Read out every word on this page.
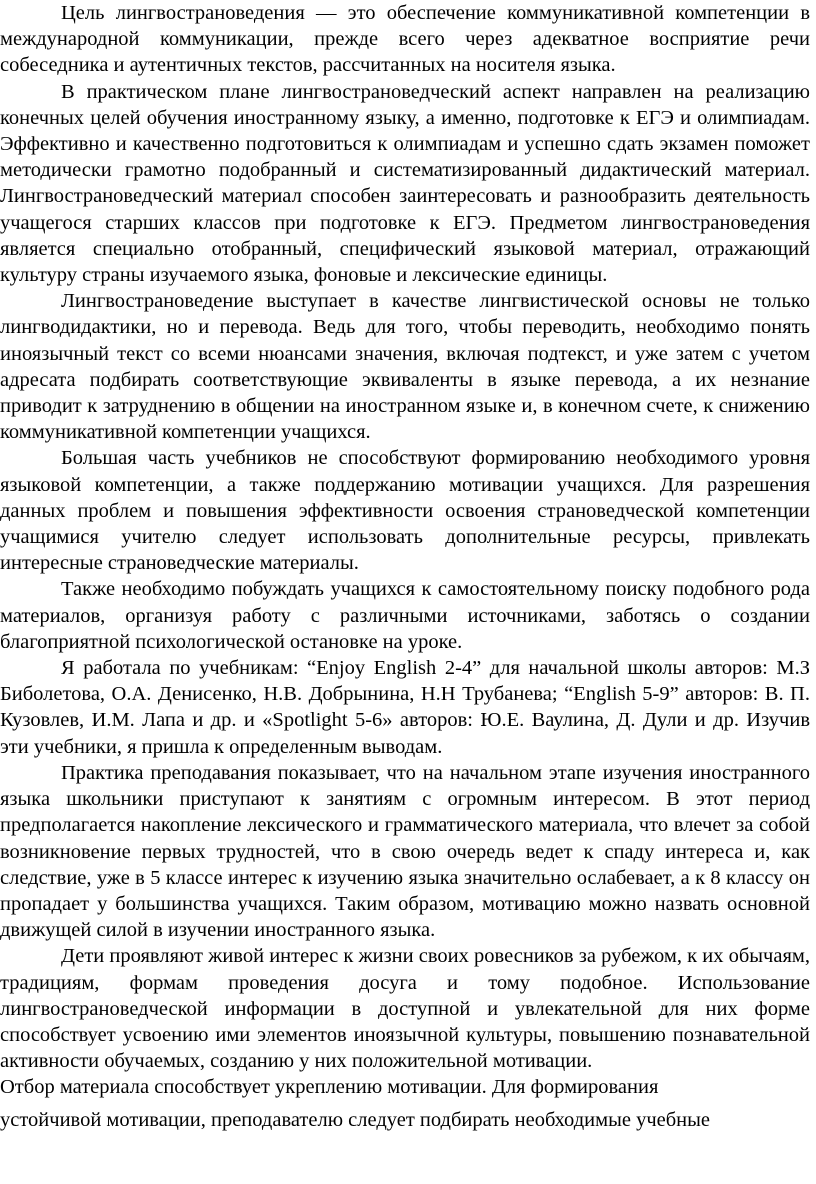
Цель лингвострановедения — это обеспечение коммуникативной компетенции в международной коммуникации, прежде всего через адекватное восприятие речи собеседника и аутентичных текстов, рассчитанных на носителя языка.

В практическом плане лингвострановедческий аспект направлен на реализацию конечных целей обучения иностранному языку, а именно, подготовке к ЕГЭ и олимпиадам. Эффективно и качественно подготовиться к олимпиадам и успешно сдать экзамен поможет методически грамотно подобранный и систематизированный дидактический материал. Лингвострановедческий материал способен заинтересовать и разнообразить деятельность учащегося старших классов при подготовке к ЕГЭ. Предметом лингвострановедения является специально отобранный, специфический языковой материал, отражающий культуру страны изучаемого языка, фоновые и лексические единицы.

Лингвострановедение выступает в качестве лингвистической основы не только лингводидактики, но и перевода. Ведь для того, чтобы переводить, необходимо понять иноязычный текст со всеми нюансами значения, включая подтекст, и уже затем с учетом адресата подбирать соответствующие эквиваленты в языке перевода, а их незнание приводит к затруднению в общении на иностранном языке и, в конечном счете, к снижению коммуникативной компетенции учащихся.

Большая часть учебников не способствуют формированию необходимого уровня языковой компетенции, а также поддержанию мотивации учащихся. Для разрешения данных проблем и повышения эффективности освоения страноведческой компетенции учащимися учителю следует использовать дополнительные ресурсы, привлекать интересные страноведческие материалы.

Также необходимо побуждать учащихся к самостоятельному поиску подобного рода материалов, организуя работу с различными источниками, заботясь о создании благоприятной психологической остановке на уроке.

Я работала по учебникам: “Enjoy English 2-4” для начальной школы авторов: М.З Биболетова, О.А. Денисенко, Н.В. Добрынина, Н.Н Трубанева; “English 5-9” авторов: В. П. Кузовлев, И.М. Лапа и др. и «Spotlight 5-6» авторов: Ю.Е. Ваулина, Д. Дули и др. Изучив эти учебники, я пришла к определенным выводам.

Практика преподавания показывает, что на начальном этапе изучения иностранного языка школьники приступают к занятиям с огромным интересом. В этот период предполагается накопление лексического и грамматического материала, что влечет за собой возникновение первых трудностей, что в свою очередь ведет к спаду интереса и, как следствие, уже в 5 классе интерес к изучению языка значительно ослабевает, а к 8 классу он пропадает у большинства учащихся. Таким образом, мотивацию можно назвать основной движущей силой в изучении иностранного языка.

Дети проявляют живой интерес к жизни своих ровесников за рубежом, к их обычаям, традициям, формам проведения досуга и тому подобное. Использование лингвострановедческой информации в доступной и увлекательной для них форме способствует усвоению ими элементов иноязычной культуры, повышению познавательной активности обучаемых, созданию у них положительной мотивации.

Отбор материала способствует укреплению мотивации. Для формирования

устойчивой мотивации, преподавателю следует подбирать необходимые учебные
